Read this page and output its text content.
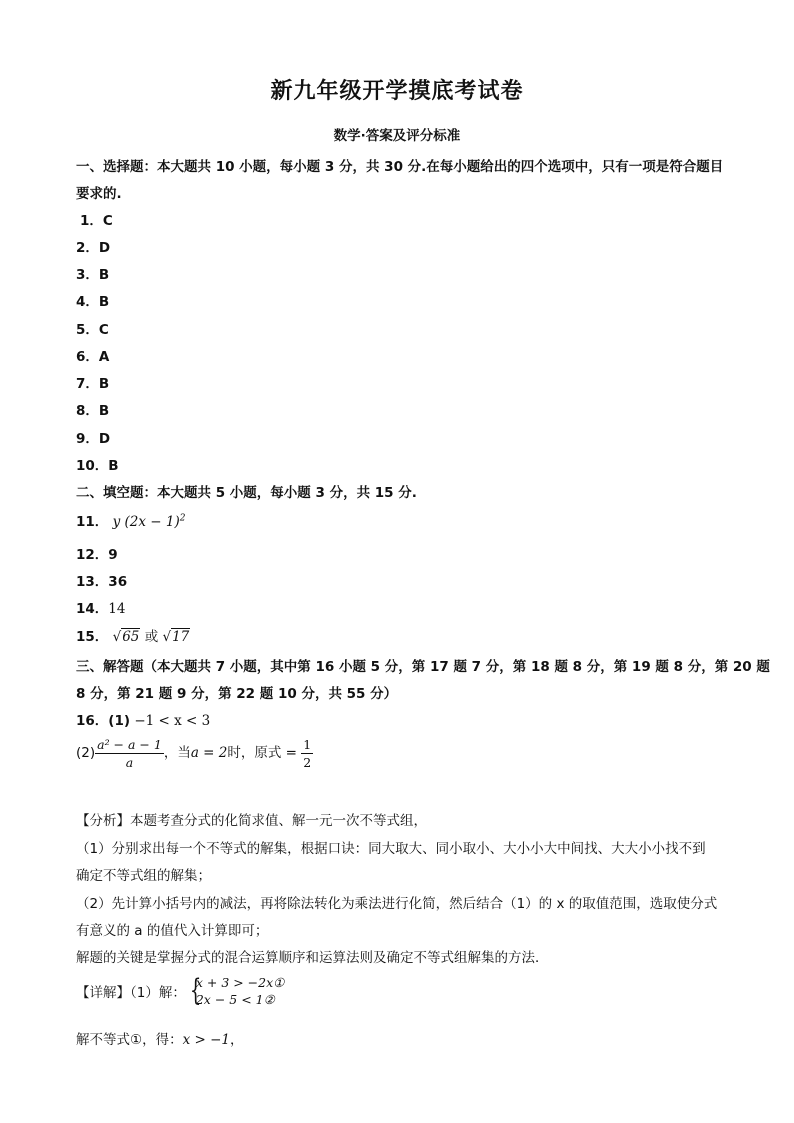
新九年级开学摸底考试卷
数学·答案及评分标准
一、选择题：本大题共 10 小题，每小题 3 分，共 30 分.在每小题给出的四个选项中，只有一项是符合题目
要求的.
1．C
2．D
3．B
4．B
5．C
6．A
7．B
8．B
9．D
10．B
二、填空题：本大题共 5 小题，每小题 3 分，共 15 分.
11． y $(2x - 1)^2$
12．9
13．36
14．14
15． √65 或 √17
三、解答题（本大题共 7 小题，其中第 16 小题 5 分，第 17 题 7 分，第 18 题 8 分，第 19 题 8 分，第 20 题
8 分，第 21 题 9 分，第 22 题 10 分，共 55 分）
16．(1) −1 < x < 3
$(2) \frac{\text{a² − a − 1}}{a}$ ，当a = 2时，原式 = $\frac{1}{2}$
【分析】本题考查分式的化简求值、解一元一次不等式组，
（1）分别求出每一个不等式的解集，根据口诀：同大取大、同小取小、大小小大中间找、大大小小找不到
确定不等式组的解集；
（2）先计算小括号内的减法，再将除法转化为乘法进行化简，然后结合（1）的 x 的取值范围，选取使分式
有意义的 a 的值代入计算即可；
解题的关键是掌握分式的混合运算顺序和运算法则及确定不等式组解集的方法．
【详解】（1）解： {
x + 3 > −2x①
2x − 5 < 1②
解不等式①，得：x > −1，
